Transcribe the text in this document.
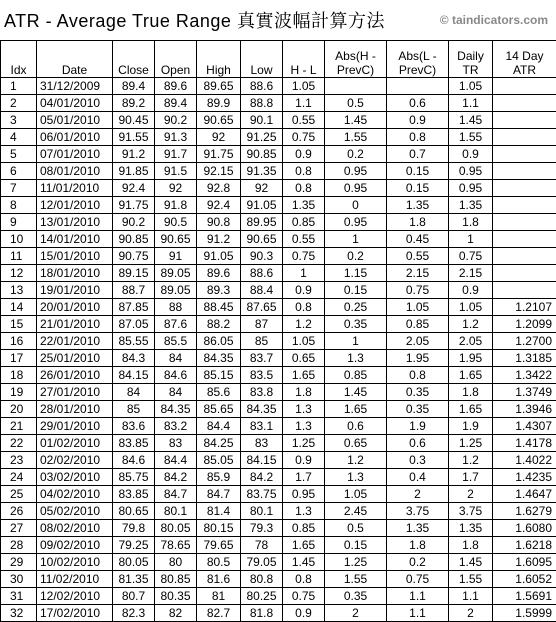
ATR - Average True Range 真實波幅計算方法	© taindicators.com
Idx	Date	Close	Open	High	Low	H - L	Abs(H - PrevC)	Abs(L - PrevC)	Daily TR	14 Day ATR
1	31/12/2009	89.4	89.6	89.65	88.6	1.05			1.05	
2	04/01/2010	89.2	89.4	89.9	88.8	1.1	0.5	0.6	1.1	
3	05/01/2010	90.45	90.2	90.65	90.1	0.55	1.45	0.9	1.45	
4	06/01/2010	91.55	91.3	92	91.25	0.75	1.55	0.8	1.55	
5	07/01/2010	91.2	91.7	91.75	90.85	0.9	0.2	0.7	0.9	
6	08/01/2010	91.85	91.5	92.15	91.35	0.8	0.95	0.15	0.95	
7	11/01/2010	92.4	92	92.8	92	0.8	0.95	0.15	0.95	
8	12/01/2010	91.75	91.8	92.4	91.05	1.35	0	1.35	1.35	
9	13/01/2010	90.2	90.5	90.8	89.95	0.85	0.95	1.8	1.8	
10	14/01/2010	90.85	90.65	91.2	90.65	0.55	1	0.45	1	
11	15/01/2010	90.75	91	91.05	90.3	0.75	0.2	0.55	0.75	
12	18/01/2010	89.15	89.05	89.6	88.6	1	1.15	2.15	2.15	
13	19/01/2010	88.7	89.05	89.3	88.4	0.9	0.15	0.75	0.9	
14	20/01/2010	87.85	88	88.45	87.65	0.8	0.25	1.05	1.05	1.2107
15	21/01/2010	87.05	87.6	88.2	87	1.2	0.35	0.85	1.2	1.2099
16	22/01/2010	85.55	85.5	86.05	85	1.05	1	2.05	2.05	1.2700
17	25/01/2010	84.3	84	84.35	83.7	0.65	1.3	1.95	1.95	1.3185
18	26/01/2010	84.15	84.6	85.15	83.5	1.65	0.85	0.8	1.65	1.3422
19	27/01/2010	84	84	85.6	83.8	1.8	1.45	0.35	1.8	1.3749
20	28/01/2010	85	84.35	85.65	84.35	1.3	1.65	0.35	1.65	1.3946
21	29/01/2010	83.6	83.2	84.4	83.1	1.3	0.6	1.9	1.9	1.4307
22	01/02/2010	83.85	83	84.25	83	1.25	0.65	0.6	1.25	1.4178
23	02/02/2010	84.6	84.4	85.05	84.15	0.9	1.2	0.3	1.2	1.4022
24	03/02/2010	85.75	84.2	85.9	84.2	1.7	1.3	0.4	1.7	1.4235
25	04/02/2010	83.85	84.7	84.7	83.75	0.95	1.05	2	2	1.4647
26	05/02/2010	80.65	80.1	81.4	80.1	1.3	2.45	3.75	3.75	1.6279
27	08/02/2010	79.8	80.05	80.15	79.3	0.85	0.5	1.35	1.35	1.6080
28	09/02/2010	79.25	78.65	79.65	78	1.65	0.15	1.8	1.8	1.6218
29	10/02/2010	80.05	80	80.5	79.05	1.45	1.25	0.2	1.45	1.6095
30	11/02/2010	81.35	80.85	81.6	80.8	0.8	1.55	0.75	1.55	1.6052
31	12/02/2010	80.7	80.35	81	80.25	0.75	0.35	1.1	1.1	1.5691
32	17/02/2010	82.3	82	82.7	81.8	0.9	2	1.1	2	1.5999
